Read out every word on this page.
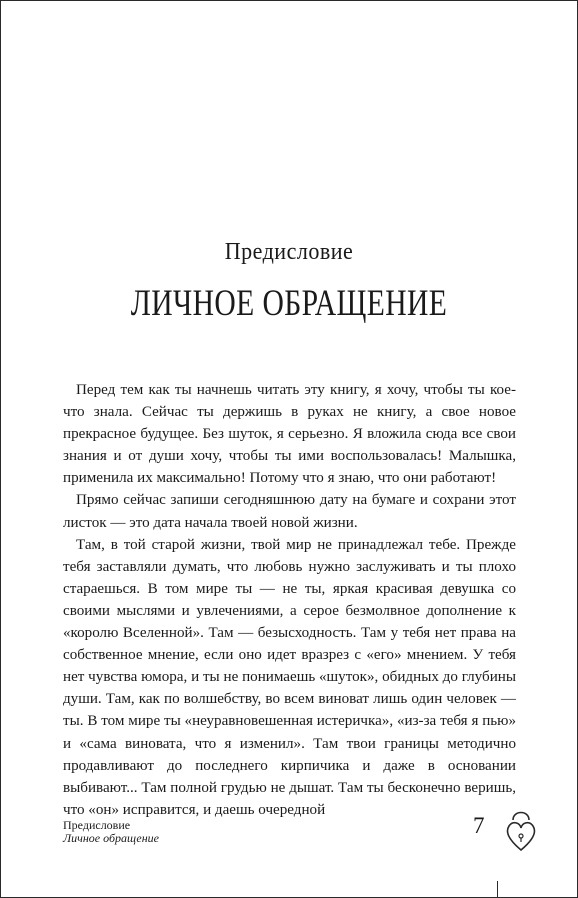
Предисловие
ЛИЧНОЕ ОБРАЩЕНИЕ

Перед тем как ты начнешь читать эту книгу, я хочу, чтобы ты кое-что знала. Сейчас ты держишь в руках не книгу, а свое новое прекрасное будущее. Без шуток, я серьезно. Я вложила сюда все свои знания и от души хочу, чтобы ты ими воспользовалась! Малышка, применила их максимально! Потому что я знаю, что они работают!

Прямо сейчас запиши сегодняшнюю дату на бумаге и сохрани этот листок — это дата начала твоей новой жизни.

Там, в той старой жизни, твой мир не принадлежал тебе. Прежде тебя заставляли думать, что любовь нужно заслуживать и ты плохо стараешься. В том мире ты — не ты, яркая красивая девушка со своими мыслями и увлечениями, а серое безмолвное дополнение к «королю Вселенной». Там — безысходность. Там у тебя нет права на собственное мнение, если оно идет вразрез с «его» мнением. У тебя нет чувства юмора, и ты не понимаешь «шуток», обидных до глубины души. Там, как по волшебству, во всем виноват лишь один человек — ты. В том мире ты «неуравновешенная истеричка», «из-за тебя я пью» и «сама виновата, что я изменил». Там твои границы методично продавливают до последнего кирпичика и даже в основании выбивают... Там полной грудью не дышат. Там ты бесконечно веришь, что «он» исправится, и даешь очередной

Предисловие
Личное обращение	7
